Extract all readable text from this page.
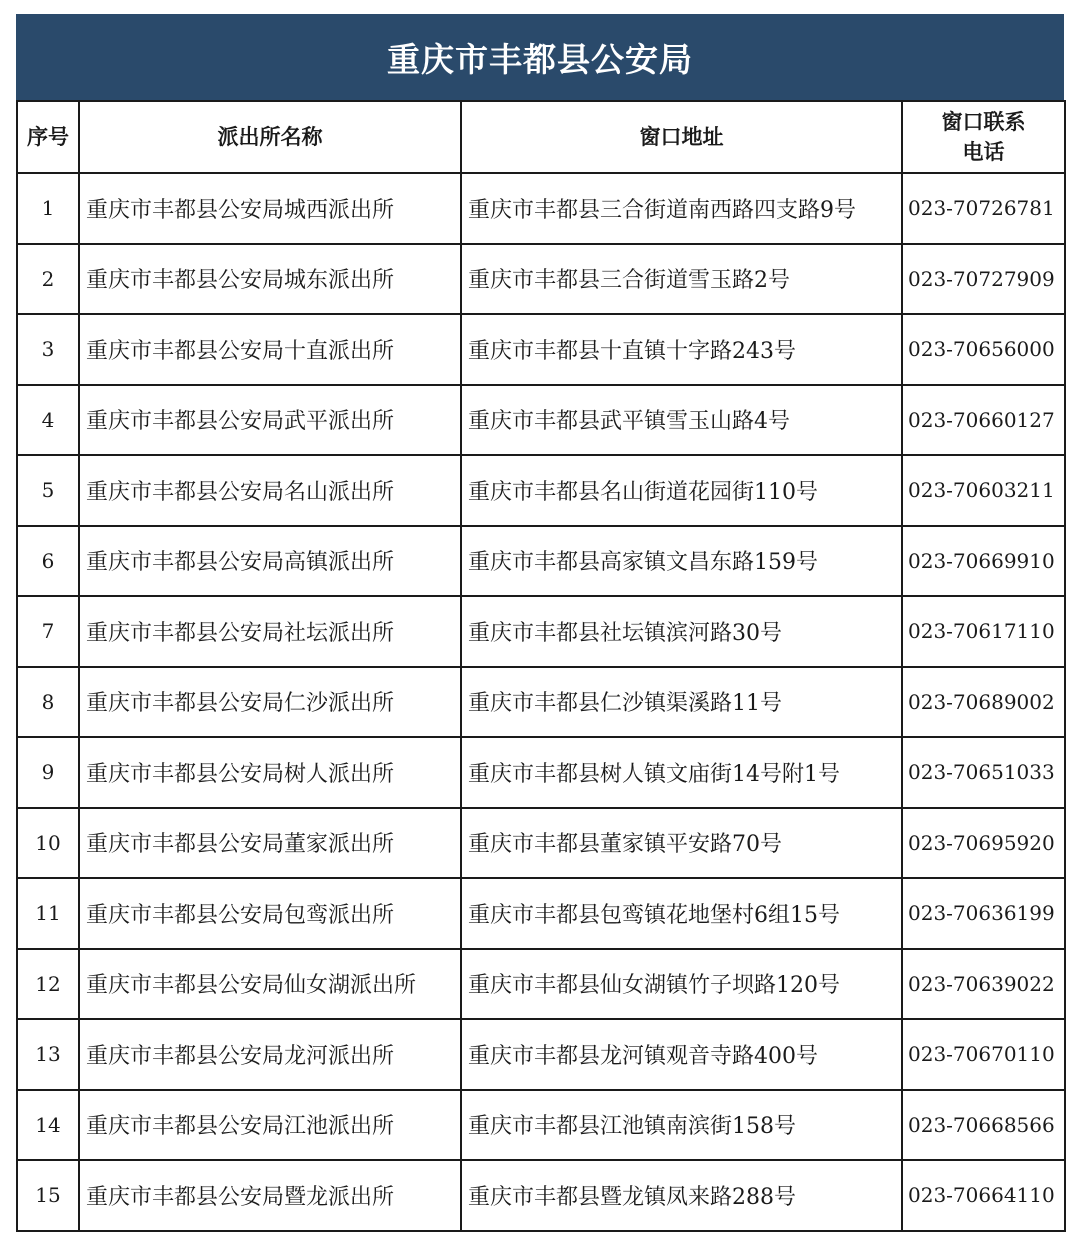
重庆市丰都县公安局
序号	派出所名称	窗口地址	窗口联系
电话

1	重庆市丰都县公安局城西派出所	重庆市丰都县三合街道南西路四支路9号	023-70726781
2	重庆市丰都县公安局城东派出所	重庆市丰都县三合街道雪玉路2号	023-70727909
3	重庆市丰都县公安局十直派出所	重庆市丰都县十直镇十字路243号	023-70656000
4	重庆市丰都县公安局武平派出所	重庆市丰都县武平镇雪玉山路4号	023-70660127
5	重庆市丰都县公安局名山派出所	重庆市丰都县名山街道花园街110号	023-70603211
6	重庆市丰都县公安局高镇派出所	重庆市丰都县高家镇文昌东路159号	023-70669910
7	重庆市丰都县公安局社坛派出所	重庆市丰都县社坛镇滨河路30号	023-70617110
8	重庆市丰都县公安局仁沙派出所	重庆市丰都县仁沙镇渠溪路11号	023-70689002
9	重庆市丰都县公安局树人派出所	重庆市丰都县树人镇文庙街14号附1号	023-70651033
10	重庆市丰都县公安局董家派出所	重庆市丰都县董家镇平安路70号	023-70695920
11	重庆市丰都县公安局包鸾派出所	重庆市丰都县包鸾镇花地堡村6组15号	023-70636199
12	重庆市丰都县公安局仙女湖派出所	重庆市丰都县仙女湖镇竹子坝路120号	023-70639022
13	重庆市丰都县公安局龙河派出所	重庆市丰都县龙河镇观音寺路400号	023-70670110
14	重庆市丰都县公安局江池派出所	重庆市丰都县江池镇南滨街158号	023-70668566
15	重庆市丰都县公安局暨龙派出所	重庆市丰都县暨龙镇凤来路288号	023-70664110
